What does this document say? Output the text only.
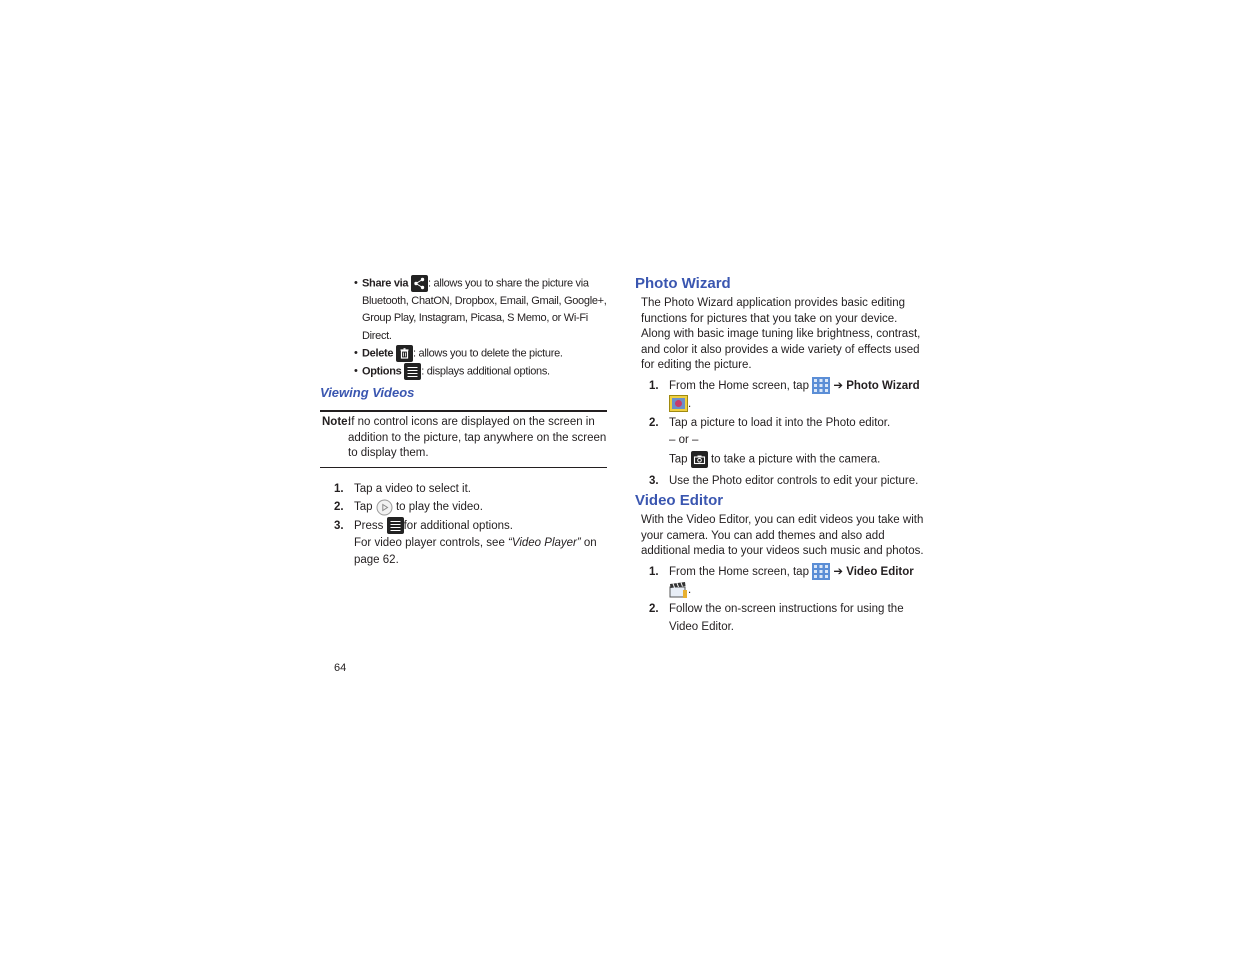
• Share via : allows you to share the picture via Bluetooth, ChatON, Dropbox, Email, Gmail, Google+, Group Play, Instagram, Picasa, S Memo, or Wi-Fi Direct.

• Delete : allows you to delete the picture.

• Options : displays additional options.

Viewing Videos
Note:
If no control icons are displayed on the screen in addition to the picture, tap anywhere on the screen to display them.
1. Tap a video to select it.
2. Tap to play the video.
3. Press for additional options.
For video player controls, see “Video Player” on page 62.
Photo Wizard

The Photo Wizard application provides basic editing functions for pictures that you take on your device. Along with basic image tuning like brightness, contrast, and color it also provides a wide variety of effects used for editing the picture.

1. From the Home screen, tap ➔ Photo Wizard .
2. Tap a picture to load it into the Photo editor.
– or –
Tap to take a picture with the camera.
3. Use the Photo editor controls to edit your picture.
Video Editor

With the Video Editor, you can edit videos you take with your camera. You can add themes and also add additional media to your videos such music and photos.

1. From the Home screen, tap ➔ Video Editor .
2. Follow the on-screen instructions for using the Video Editor.
64
